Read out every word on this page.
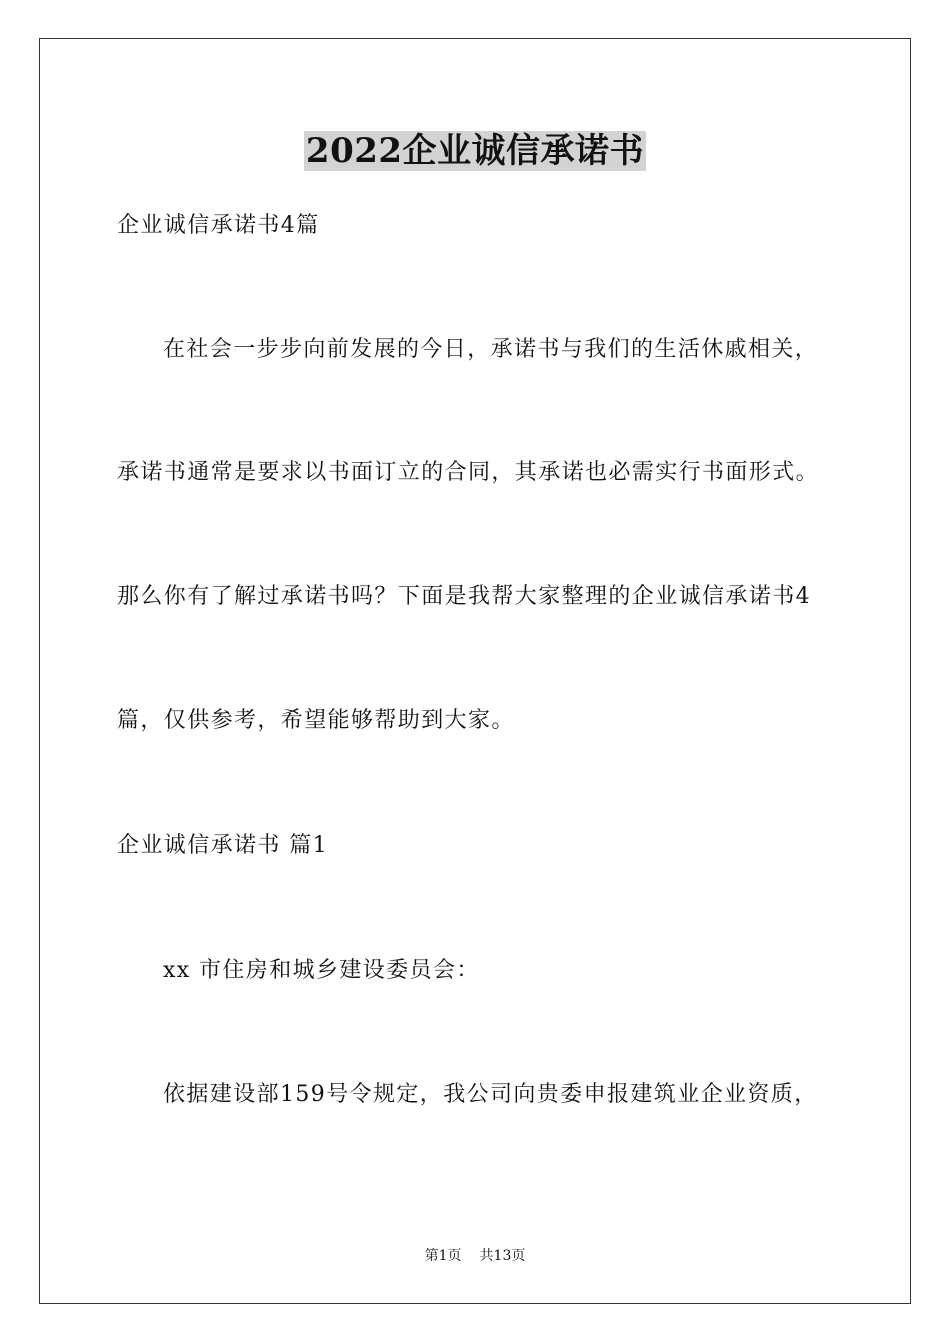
2022企业诚信承诺书
企业诚信承诺书4篇
在社会一步步向前发展的今日，承诺书与我们的生活休戚相关，
承诺书通常是要求以书面订立的合同，其承诺也必需实行书面形式。
那么你有了解过承诺书吗？下面是我帮大家整理的企业诚信承诺书4
篇，仅供参考，希望能够帮助到大家。
企业诚信承诺书 篇1
xx 市住房和城乡建设委员会：
依据建设部159号令规定，我公司向贵委申报建筑业企业资质，
第1页 共13页
